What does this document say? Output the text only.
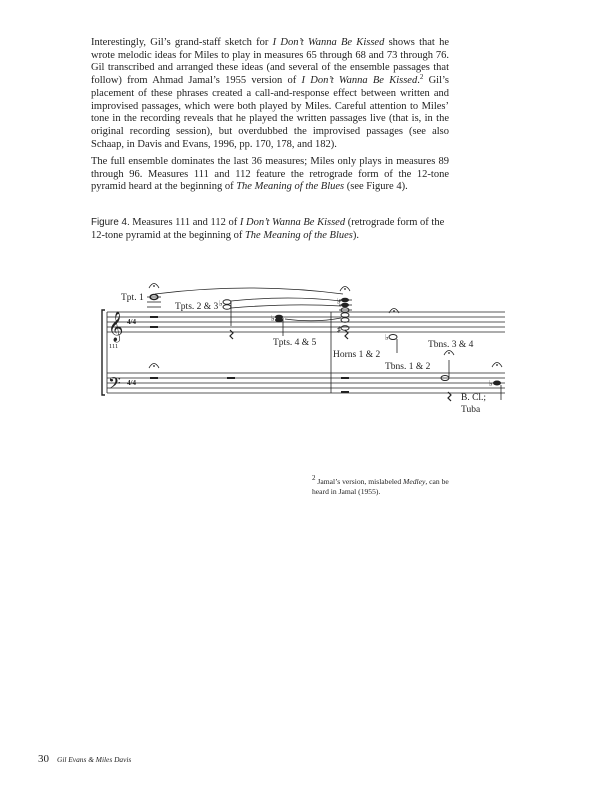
Interestingly, Gil’s grand-staff sketch for I Don’t Wanna Be Kissed shows that he wrote melodic ideas for Miles to play in measures 65 through 68 and 73 through 76. Gil transcribed and arranged these ideas (and several of the ensemble passages that follow) from Ahmad Jamal’s 1955 version of I Don’t Wanna Be Kissed.$^2$ Gil’s placement of these phrases created a call-and-response effect between written and improvised passages, which were both played by Miles. Careful attention to Miles’ tone in the recording reveals that he played the written passages live (that is, in the original recording session), but overdubbed the improvised passages (see also Schaap, in Davis and Evans, 1996, pp. 170, 178, and 182).

The full ensemble dominates the last 36 measures; Miles only plays in measures 89 through 96. Measures 111 and 112 feature the retrograde form of the 12-tone pyramid heard at the beginning of The Meaning of the Blues (see Figure 4).

Figure 4. Measures 111 and 112 of I Don’t Wanna Be Kissed (retrograde form of the 12-tone pyramid at the beginning of The Meaning of the Blues).
𝄞
𝄢
4/4
4/4
♭
♭
♭
♯
♭
♭
Tpt. 1
Tpts. 2 & 3
Tpts. 4 & 5
Horns 1 & 2
Tbns. 1 & 2
Tbns. 3 & 4
B. Cl.;
Tuba
111
$^2$ Jamal’s version, mislabeled Medley, can be heard in Jamal (1955).
30 Gil Evans & Miles Davis
